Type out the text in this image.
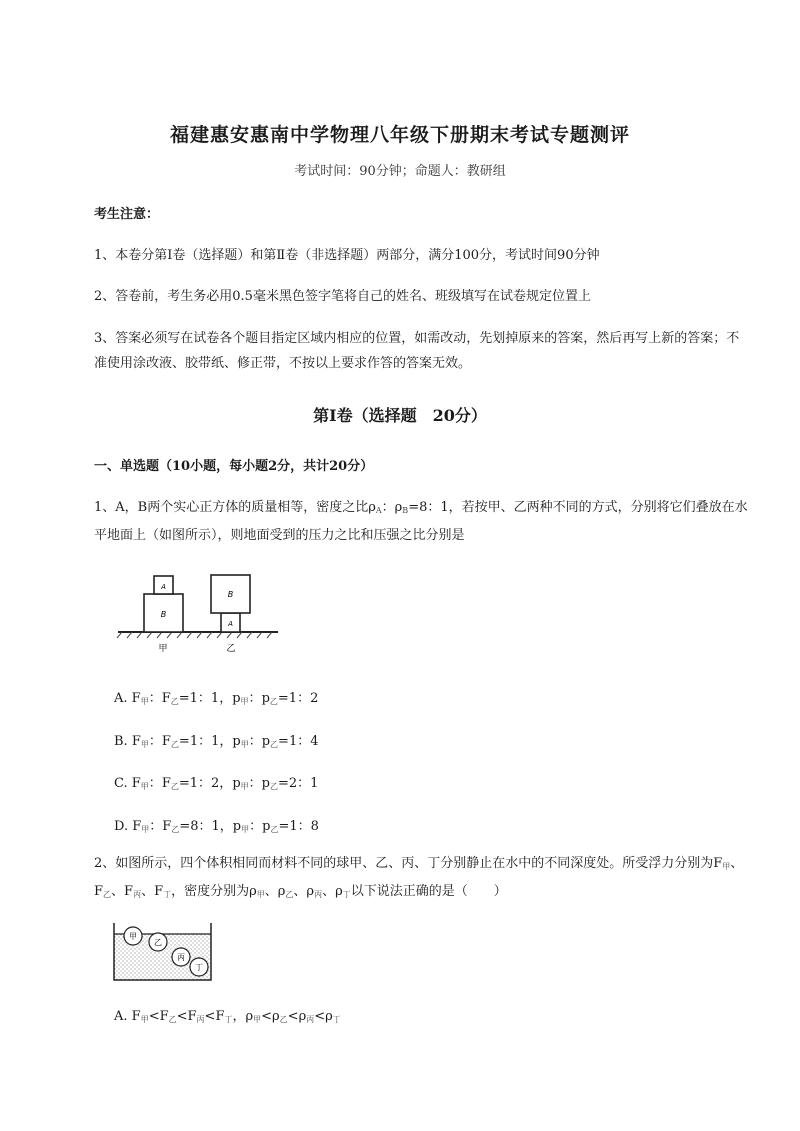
福建惠安惠南中学物理八年级下册期末考试专题测评
考试时间：90分钟；命题人：教研组
考生注意：
1、本卷分第Ⅰ卷（选择题）和第Ⅱ卷（非选择题）两部分，满分100分，考试时间90分钟
2、答卷前，考生务必用0.5毫米黑色签字笔将自己的姓名、班级填写在试卷规定位置上
3、答案必须写在试卷各个题目指定区域内相应的位置，如需改动，先划掉原来的答案，然后再写上新的答案；不准使用涂改液、胶带纸、修正带，不按以上要求作答的答案无效。
第Ⅰ卷（选择题　20分）
一、单选题（10小题，每小题2分，共计20分）
1、A，B两个实心正方体的质量相等，密度之比$\rho_A$：$\rho_B=8$：1，若按甲、乙两种不同的方式，分别将它们叠放在水平地面上（如图所示），则地面受到的压力之比和压强之比分别是
B
A
A
B
甲	乙
A. $F_甲$：$F_乙=1$：1，$p_甲$：$p_乙=1$：2
B. $F_甲$：$F_乙=1$：1，$p_甲$：$p_乙=1$：4
C. $F_甲$：$F_乙=1$：2，$p_甲$：$p_乙=2$：1
D. $F_甲$：$F_乙=8$：1，$p_甲$：$p_乙=1$：8
2、如图所示，四个体积相同而材料不同的球甲、乙、丙、丁分别静止在水中的不同深度处。所受浮力分别为$F_甲$、$F_乙$、$F_丙$、$F_丁$，密度分别为$\rho_甲$、$\rho_乙$、$\rho_丙$、$\rho_丁$以下说法正确的是（　　）
甲
乙
丙
丁
A. $F_甲<F_乙<F_丙<F_丁$，$\rho_甲<\rho_乙<\rho_丙<\rho_丁$
